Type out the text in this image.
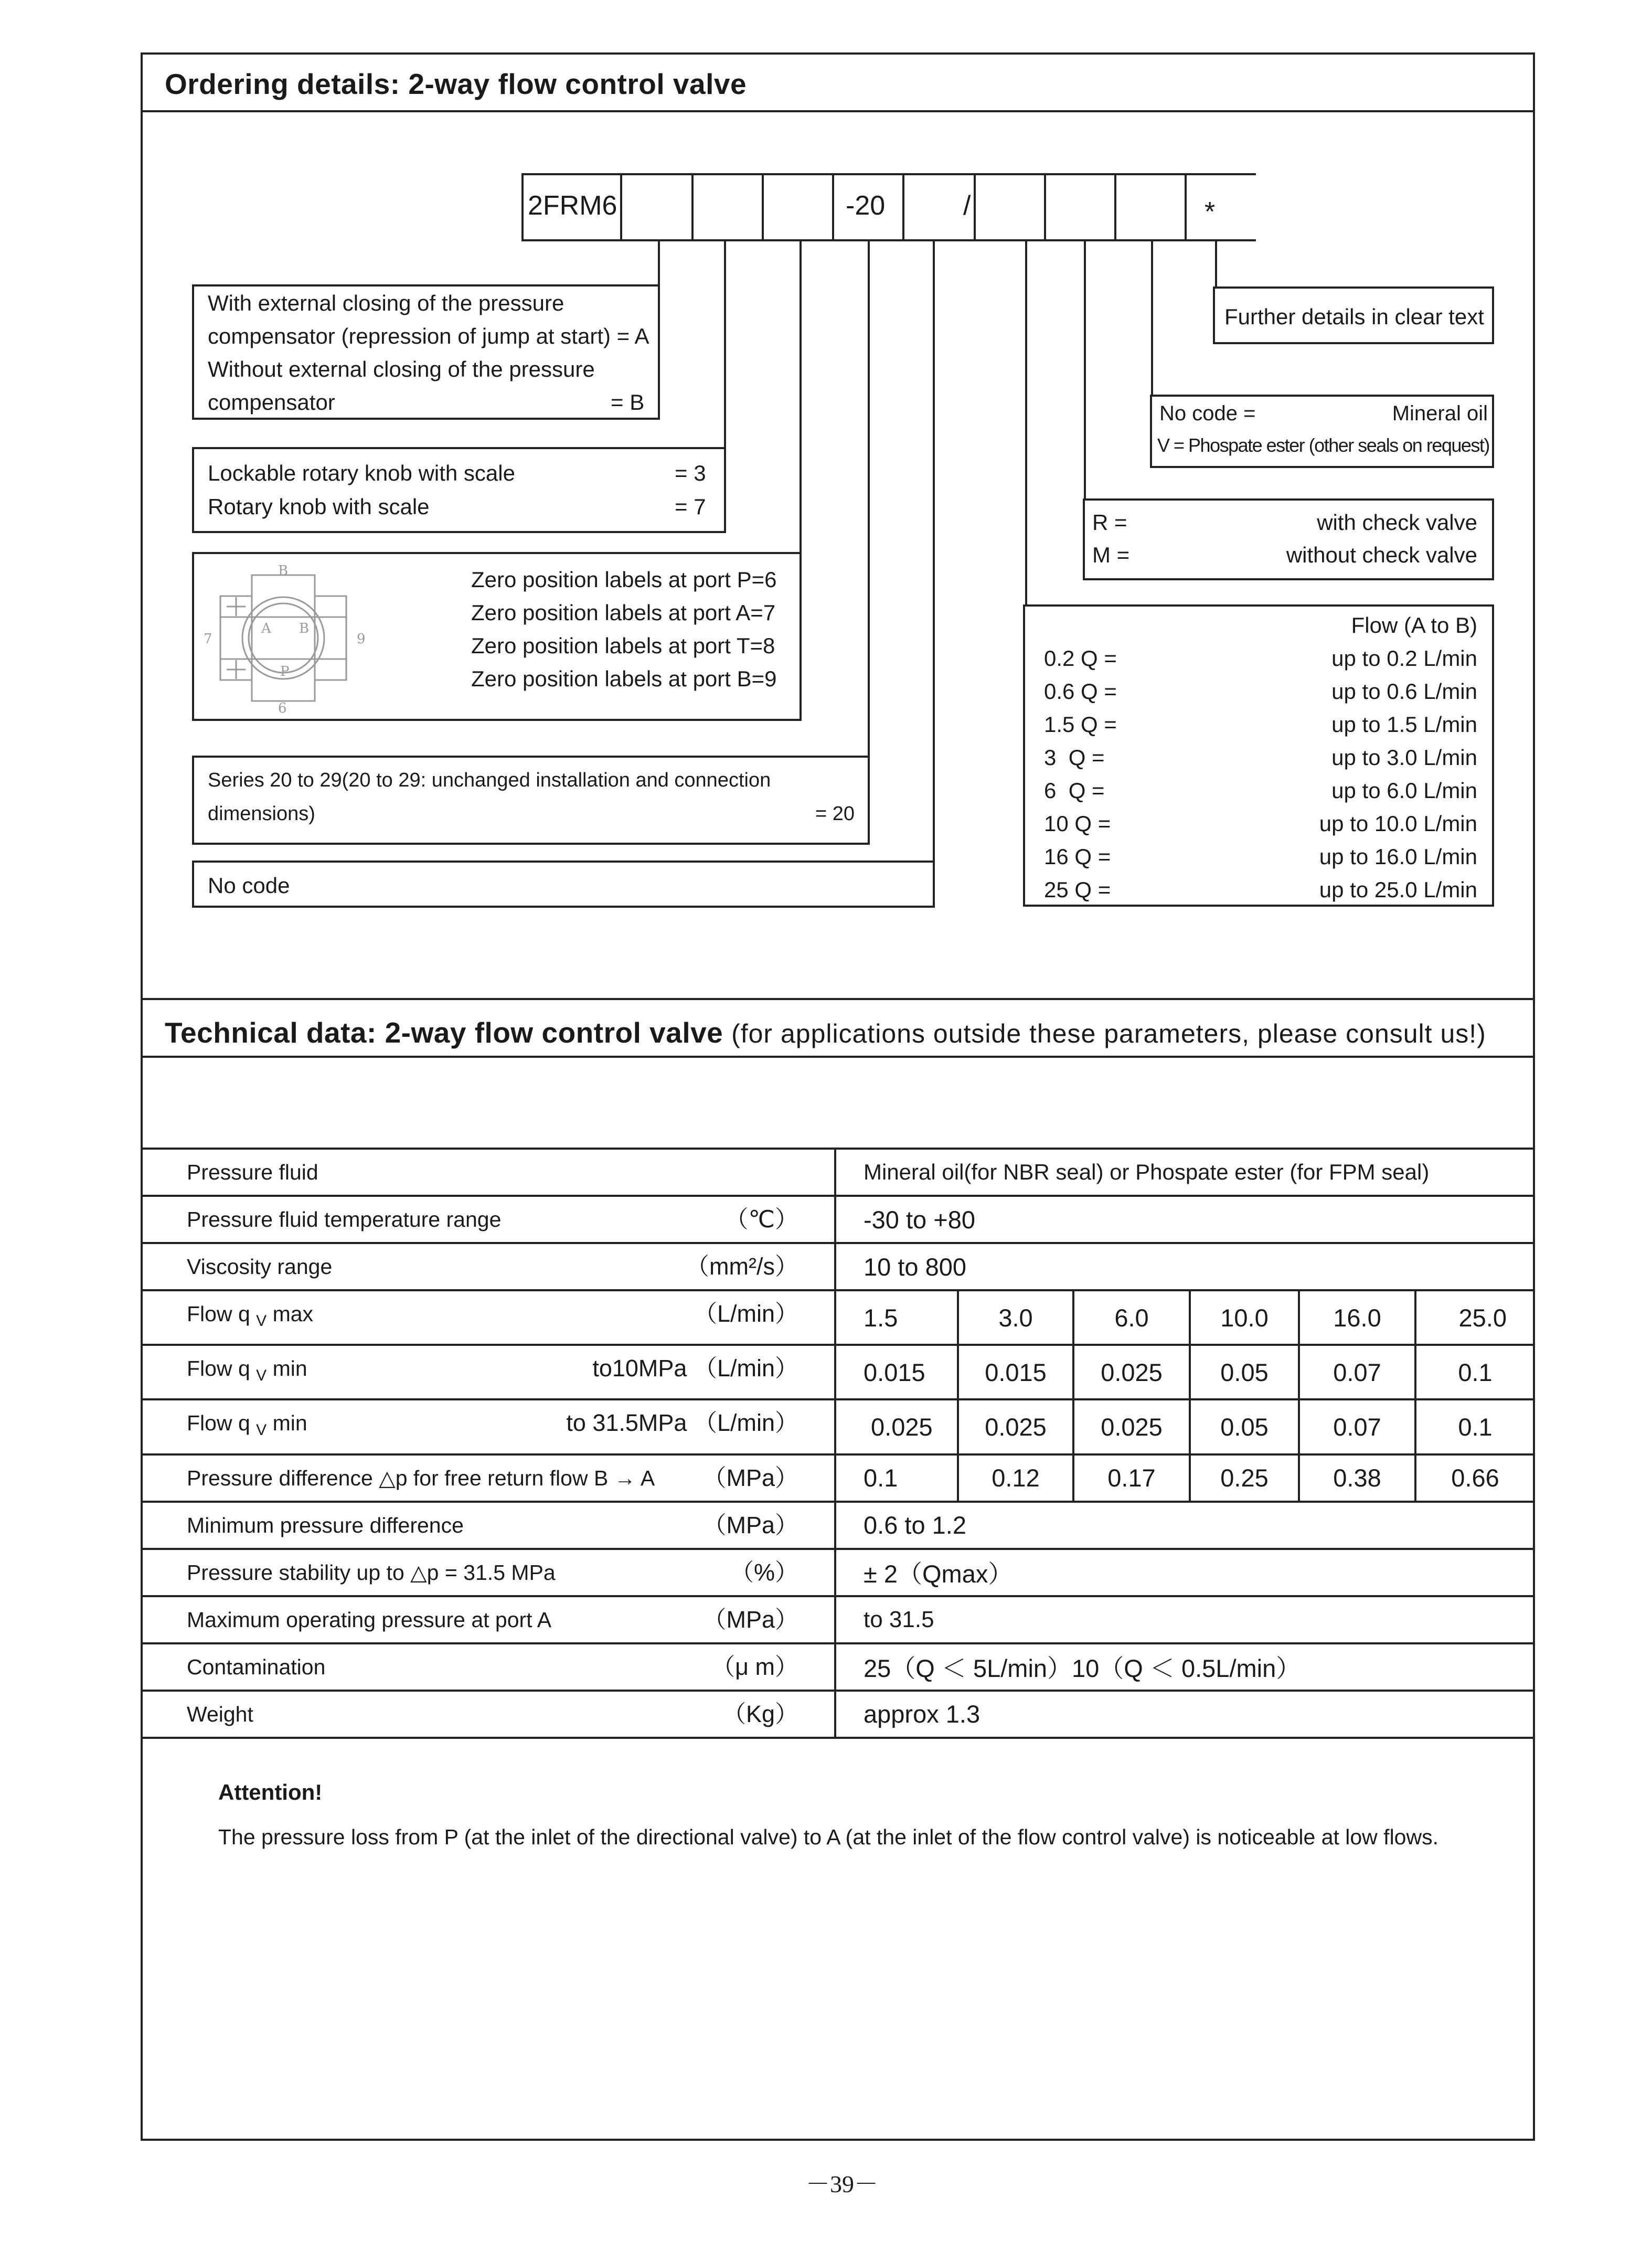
Ordering details: 2-way flow control valve
2FRM6	-20	/	*
With external closing of the pressure
compensator (repression of jump at start) = A
Without external closing of the pressure
compensator	= B
Lockable rotary knob with scale	= 3
Rotary knob with scale	= 7
B
7	9
6
A B
P
Zero position labels at port P=6
Zero position labels at port A=7
Zero position labels at port T=8
Zero position labels at port B=9
Series 20 to 29(20 to 29: unchanged installation and connection
dimensions)	= 20
No code
Further details in clear text
No code =	Mineral oil
V = Phospate ester (other seals on request)
R =	with check valve
M =	without check valve
Flow (A to B)
0.2 Q =	up to 0.2 L/min
0.6 Q =	up to 0.6 L/min
1.5 Q =	up to 1.5 L/min
3  Q =	up to 3.0 L/min
6  Q =	up to 6.0 L/min
10 Q =	up to 10.0 L/min
16 Q =	up to 16.0 L/min
25 Q =	up to 25.0 L/min
Technical data: 2-way flow control valve (for applications outside these parameters, please consult us!)
Pressure fluid	Mineral oil(for NBR seal) or Phospate ester (for FPM seal)					
Pressure fluid temperature range （℃）	-30 to +80					
Viscosity range （mm²/s）	10 to 800					
Flow q $_V$ max （L/min）	1.5	3.0	6.0	10.0	16.0	25.0
Flow q $_V$ min to10MPa （L/min）	0.015	0.015	0.025	0.05	0.07	0.1
Flow q $_V$ min to 31.5MPa （L/min）	0.025	0.025	0.025	0.05	0.07	0.1
Pressure difference △p for free return flow B → A （MPa）	0.1	0.12	0.17	0.25	0.38	0.66
Minimum pressure difference （MPa）	0.6 to 1.2					
Pressure stability up to △p = 31.5 MPa （%）	± 2（Qmax）					
Maximum operating pressure at port A （MPa）	to 31.5					
Contamination （μ m）	25（Q ＜ 5L/min）10（Q ＜ 0.5L/min）					
Weight （Kg）	approx 1.3					
Attention!
The pressure loss from P (at the inlet of the directional valve) to A (at the inlet of the flow control valve) is noticeable at low flows.
－39－
